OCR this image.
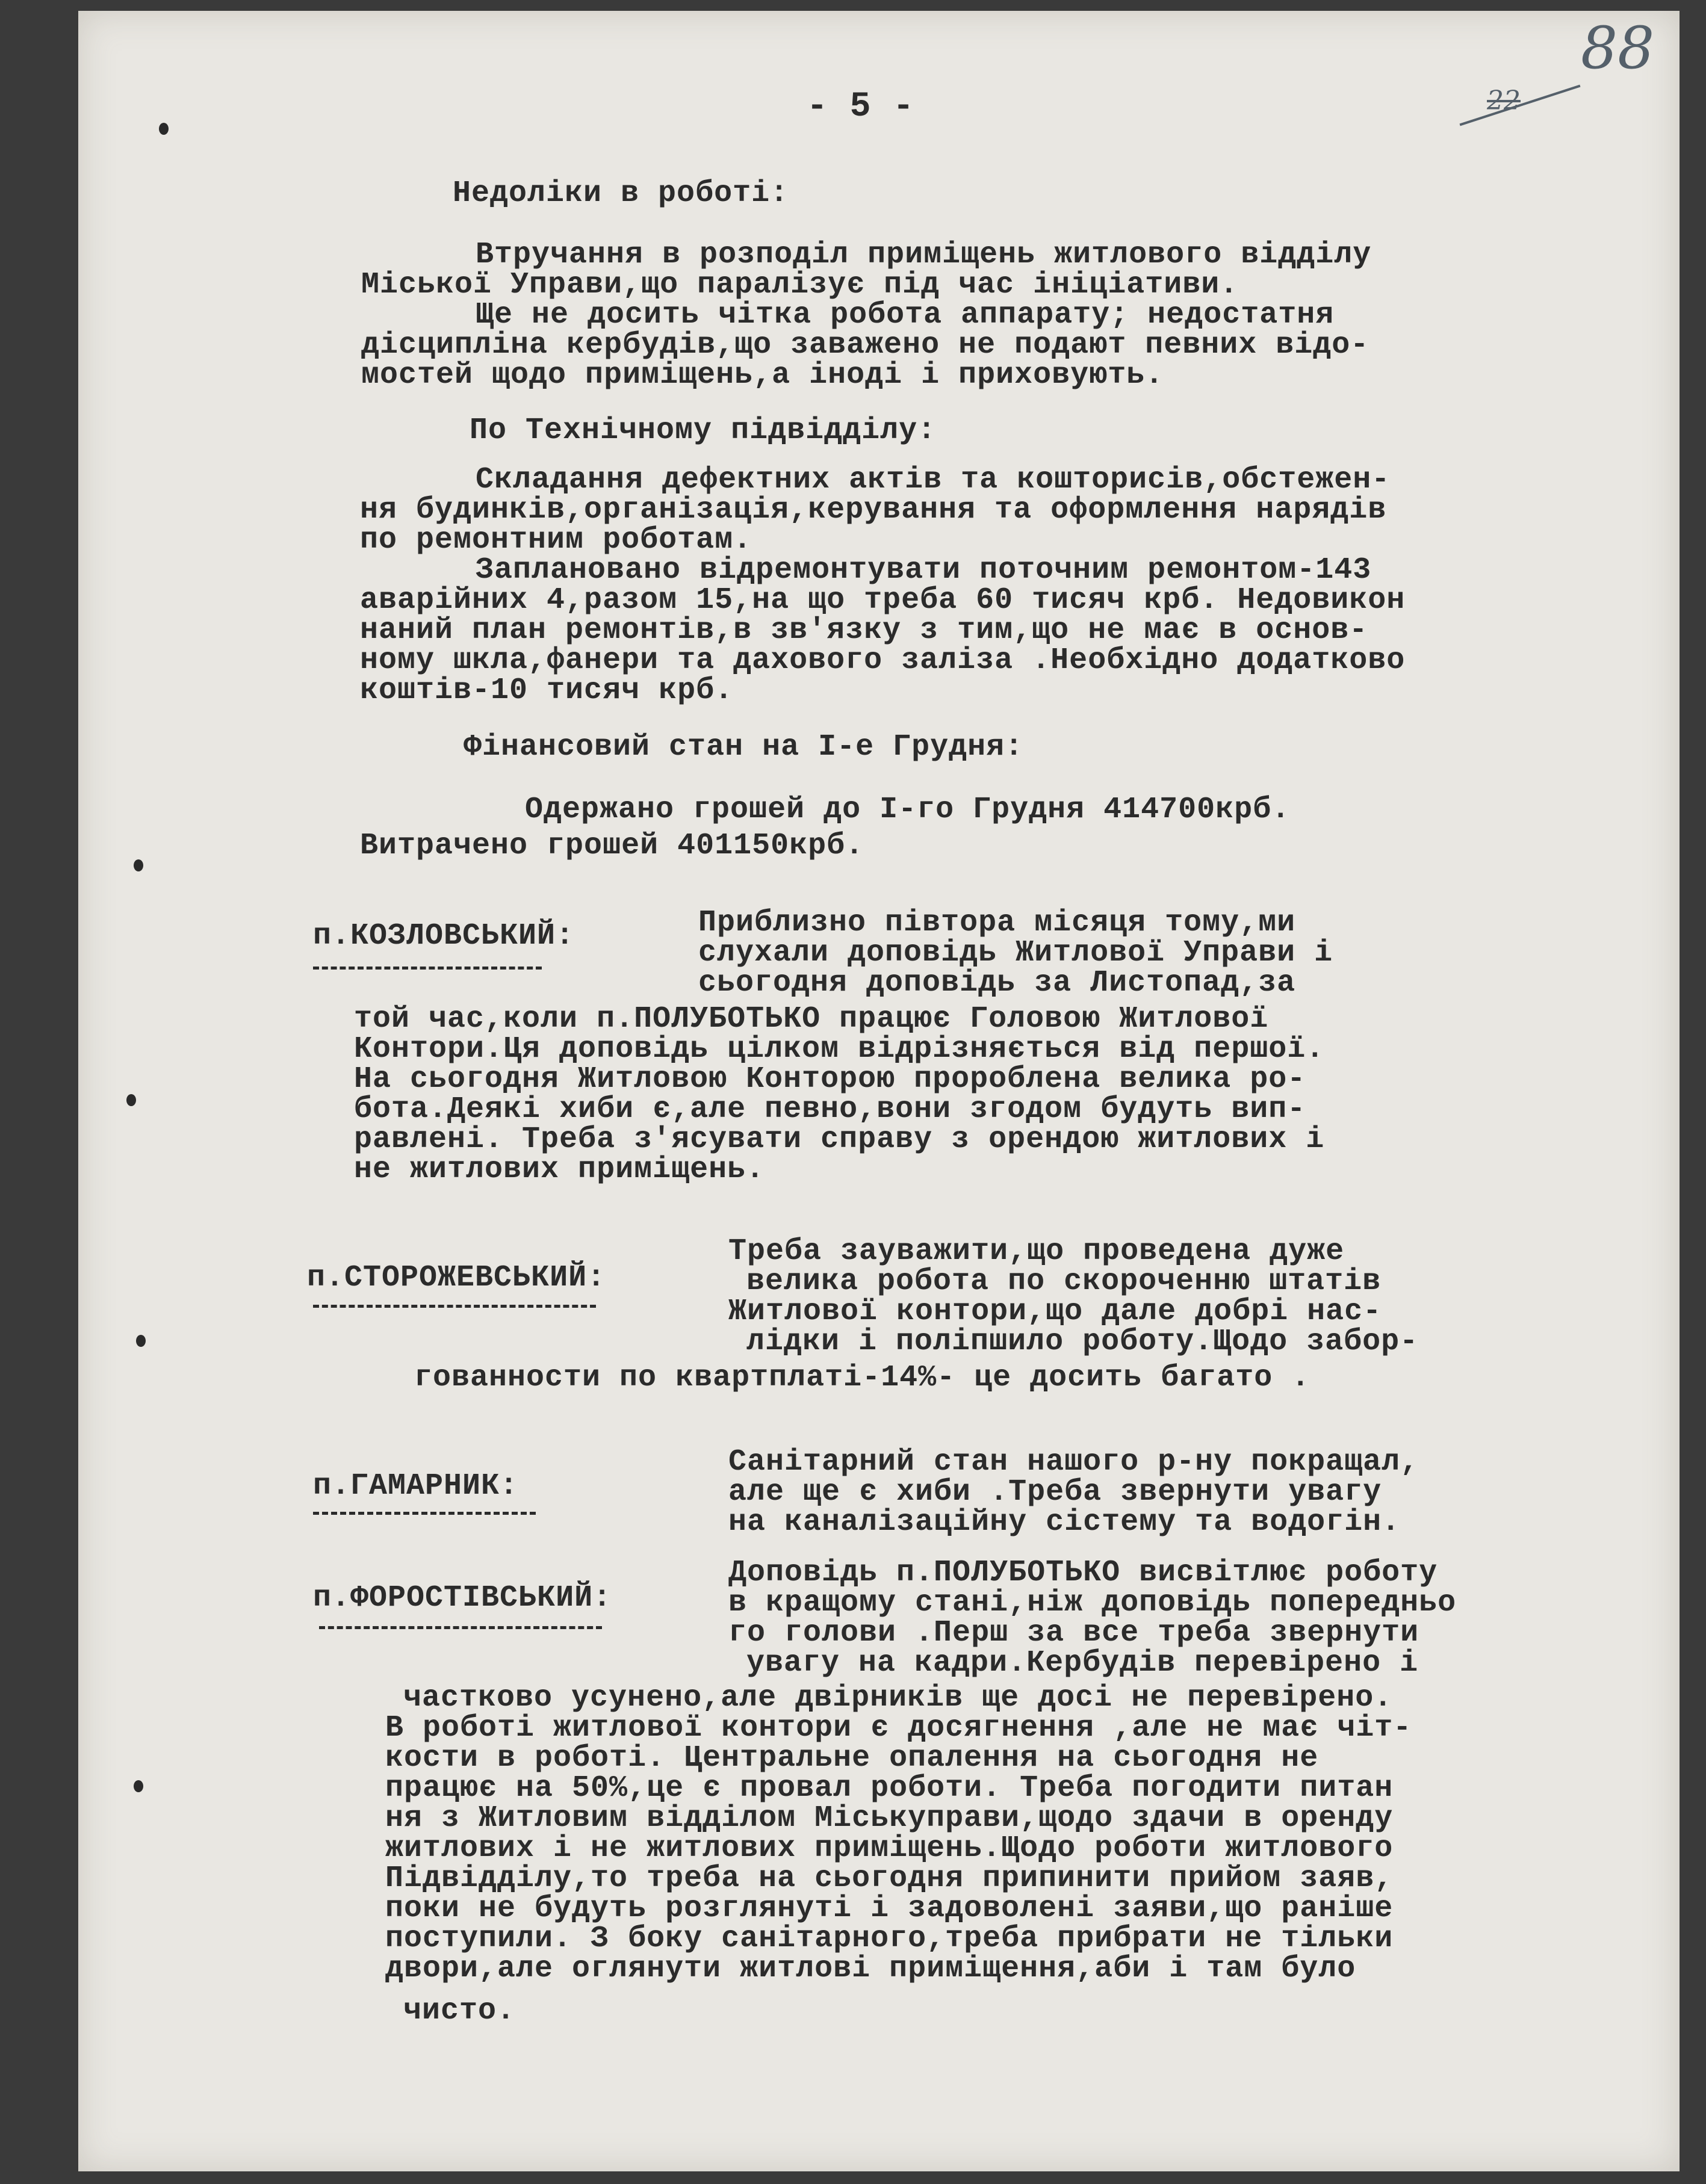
88
22
- 5 -
Недоліки в роботі:
Втручання в розподіл приміщень житлового відділу
Міської Управи,що паралізує під час ініціативи.
Ще не досить чітка робота аппарату; недостатня
дісципліна кербудів,що заважено не подают певних відо-
мостей щодо приміщень,а іноді і приховують.
По Технічному підвідділу:
Складання дефектних актів та кошторисів,обстежен-
ня будинків,організація,керування та оформлення нарядів
по ремонтним роботам.
Заплановано відремонтувати поточним ремонтом-143
аварійних 4,разом 15,на що треба 60 тисяч крб. Недовикон
наний план ремонтів,в зв'язку з тим,що не має в основ-
ному шкла,фанери та дахового заліза .Необхідно додатково
коштів-10 тисяч крб.
Фінансовий стан на І-е Грудня:
Одержано грошей до І-го Грудня 414700крб.
Витрачено грошей 401150крб.
п.КОЗЛОВСЬКИЙ:	Приблизно півтора місяця тому,ми
слухали доповідь Житлової Управи і
сьогодня доповідь за Листопад,за
той час,коли п.ПОЛУБОТЬКО працює Головою Житлової
Контори.Ця доповідь цілком відрізняється від першої.
На сьогодня Житловою Конторою пророблена велика ро-
бота.Деякі хиби є,але певно,вони згодом будуть вип-
равлені. Треба з'ясувати справу з орендою житлових і
не житлових приміщень.
п.СТОРОЖЕВСЬКИЙ:
Треба зауважити,що проведена дуже
велика робота по скороченню штатів
Житлової контори,що дале добрі нас-
лідки і поліпшило роботу.Щодо забор-
гованности по квартплаті-14%- це досить багато .
п.ГАМАРНИК:
Санітарний стан нашого р-ну покращал,
але ще є хиби .Треба звернути увагу
на каналізаційну сістему та водогін.
п.ФОРОСТІВСЬКИЙ:
Доповідь п.ПОЛУБОТЬКО висвітлює роботу
в кращому стані,ніж доповідь попередньо
го голови .Перш за все треба звернути
увагу на кадри.Кербудів перевірено і
частково усунено,але двірників ще досі не перевірено.
В роботі житлової контори є досягнення ,але не має чіт-
кости в роботі. Центральне опалення на сьогодня не
працює на 50%,це є провал роботи. Треба погодити питан
ня з Житловим відділом Міськуправи,щодо здачи в оренду
житлових і не житлових приміщень.Щодо роботи житлового
Підвідділу,то треба на сьогодня припинити прийом заяв,
поки не будуть розглянуті і задоволені заяви,що раніше
поступили. З боку санітарного,треба прибрати не тільки
двори,але оглянути житлові приміщення,аби і там було
чисто.
